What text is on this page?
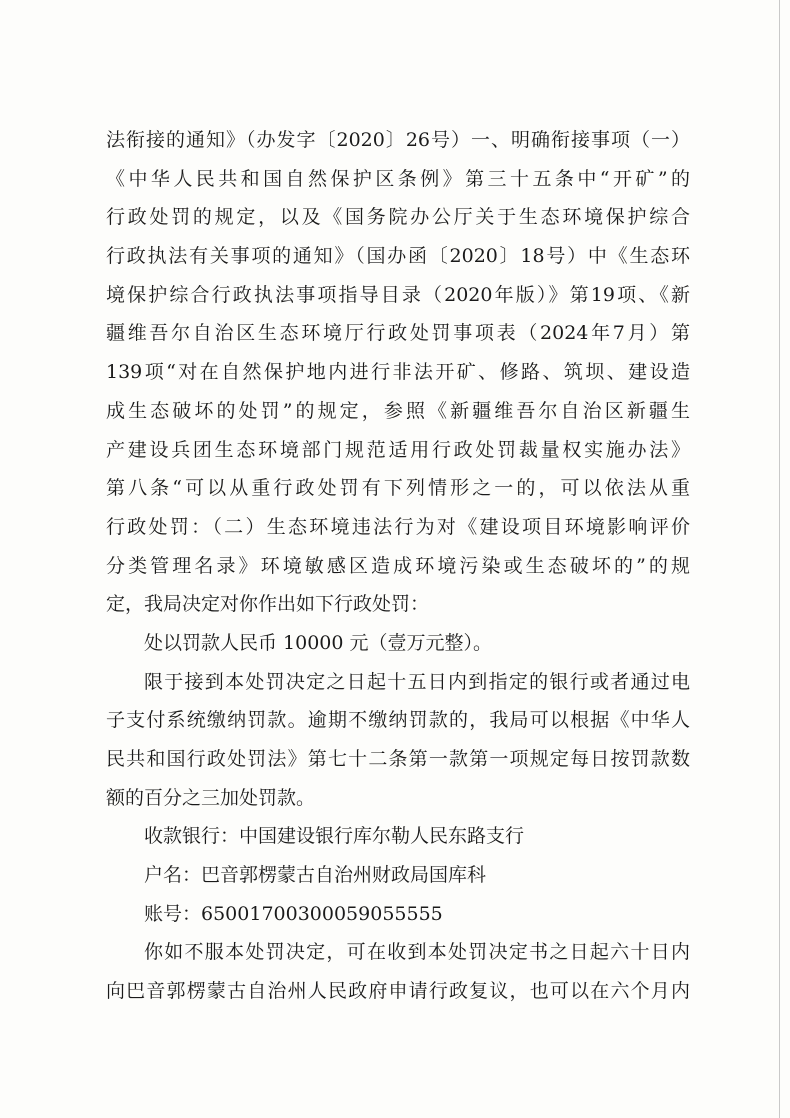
法衔接的通知》（办发字〔2020〕26号）一、明确衔接事项（一）
《中华人民共和国自然保护区条例》第三十五条中“开矿”的
行政处罚的规定，以及《国务院办公厅关于生态环境保护综合
行政执法有关事项的通知》（国办函〔2020〕18号）中《生态环
境保护综合行政执法事项指导目录（2020年版）》第19项、《新
疆维吾尔自治区生态环境厅行政处罚事项表（2024年7月）第
139项“对在自然保护地内进行非法开矿、修路、筑坝、建设造
成生态破坏的处罚”的规定，参照《新疆维吾尔自治区新疆生
产建设兵团生态环境部门规范适用行政处罚裁量权实施办法》
第八条“可以从重行政处罚有下列情形之一的，可以依法从重
行政处罚：（二）生态环境违法行为对《建设项目环境影响评价
分类管理名录》环境敏感区造成环境污染或生态破坏的”的规
定，我局决定对你作出如下行政处罚：
处以罚款人民币 10000 元（壹万元整）。
限于接到本处罚决定之日起十五日内到指定的银行或者通过电
子支付系统缴纳罚款。逾期不缴纳罚款的，我局可以根据《中华人
民共和国行政处罚法》第七十二条第一款第一项规定每日按罚款数
额的百分之三加处罚款。
收款银行：中国建设银行库尔勒人民东路支行
户名：巴音郭楞蒙古自治州财政局国库科
账号：65001700300059055555
你如不服本处罚决定，可在收到本处罚决定书之日起六十日内
向巴音郭楞蒙古自治州人民政府申请行政复议，也可以在六个月内
